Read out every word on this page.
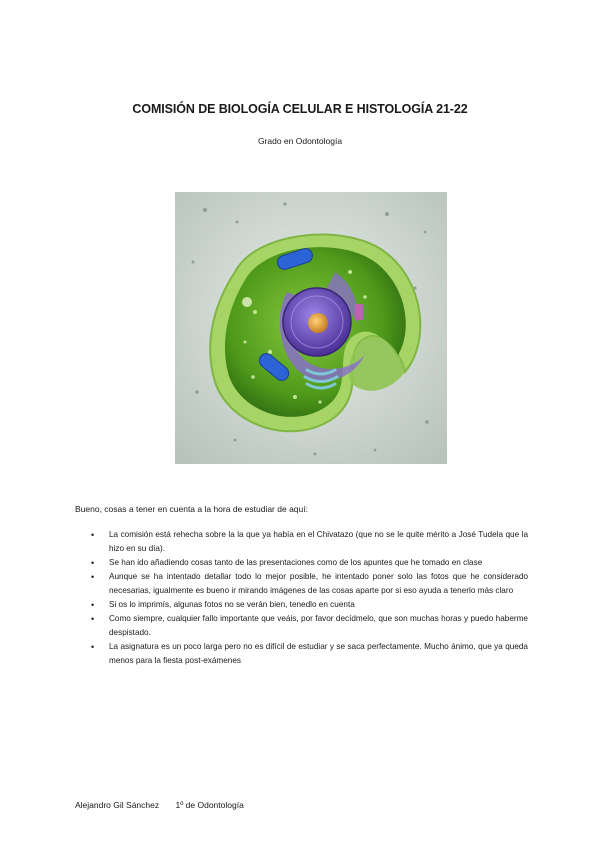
COMISIÓN DE BIOLOGÍA CELULAR E HISTOLOGÍA 21-22
Grado en Odontología
Bueno, cosas a tener en cuenta a la hora de estudiar de aquí:
• La comisión está rehecha sobre la la que ya había en el Chivatazo (que no se le quite mérito a José Tudela que la hizo en su día).
• Se han ido añadiendo cosas tanto de las presentaciones como de los apuntes que he tomado en clase
• Aunque se ha intentado detallar todo lo mejor posible, he intentado poner solo las fotos que he considerado necesarias, igualmente es bueno ir mirando imágenes de las cosas aparte por si eso ayuda a tenerlo más claro
• Si os lo imprimís, algunas fotos no se verán bien, tenedlo en cuenta
• Como siempre, cualquier fallo importante que veáis, por favor decídmelo, que son muchas horas y puedo haberme despistado.
• La asignatura es un poco larga pero no es difícil de estudiar y se saca perfectamente. Mucho ánimo, que ya queda menos para la fiesta post-exámenes
Alejandro Gil Sánchez 1º de Odontología
